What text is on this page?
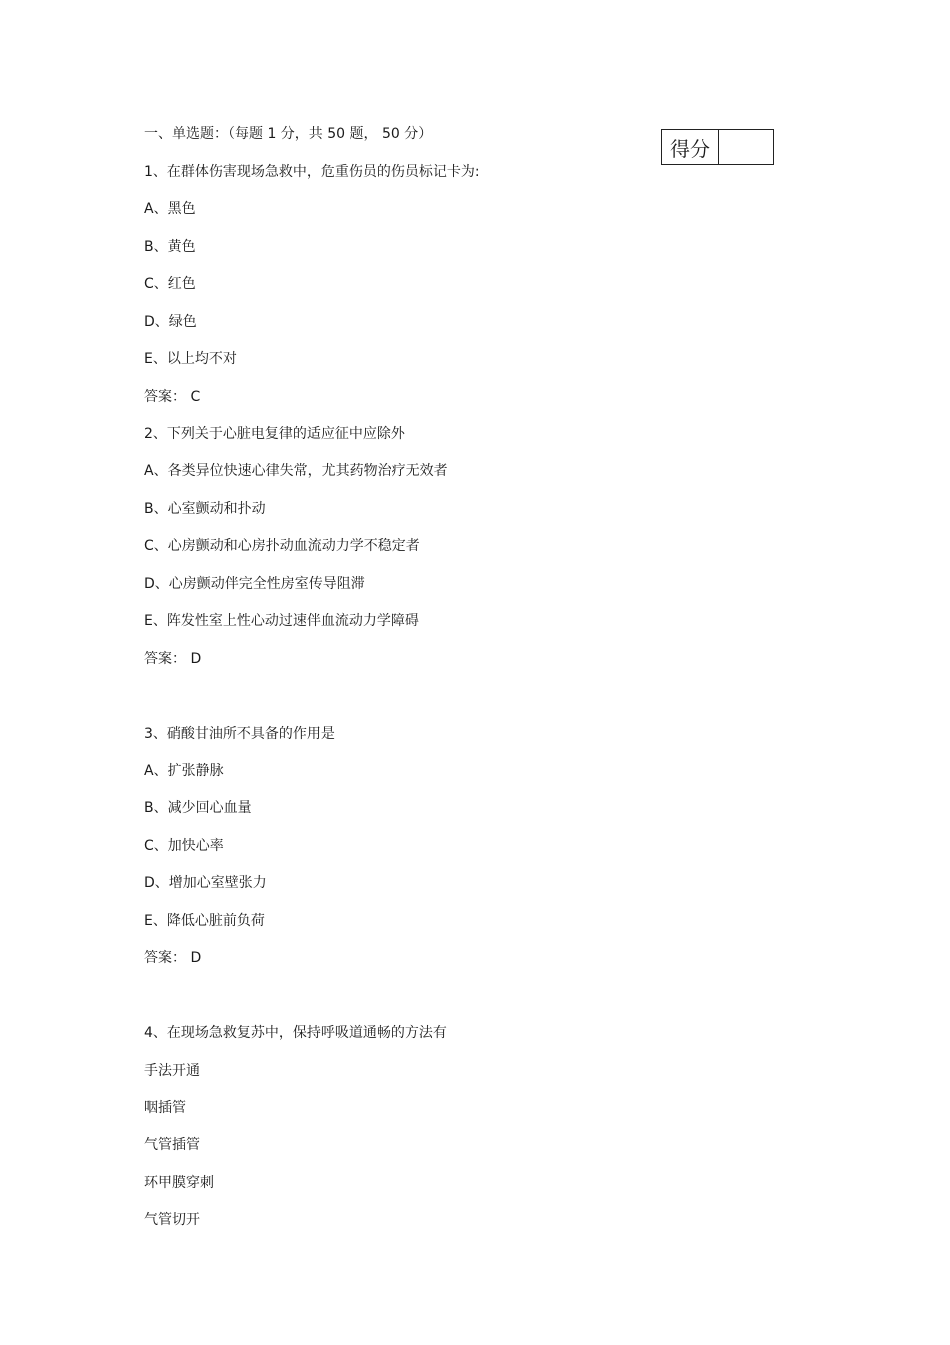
一、单选题：（每题 1 分，共 50 题， 50 分）
得分
1、在群体伤害现场急救中，危重伤员的伤员标记卡为:
A、黑色
B、黄色
C、红色
D、绿色
E、以上均不对
答案： C
2、下列关于心脏电复律的适应征中应除外
A、各类异位快速心律失常，尤其药物治疗无效者
B、心室颤动和扑动
C、心房颤动和心房扑动血流动力学不稳定者
D、心房颤动伴完全性房室传导阻滞
E、阵发性室上性心动过速伴血流动力学障碍
答案： D
3、硝酸甘油所不具备的作用是
A、扩张静脉
B、减少回心血量
C、加快心率
D、增加心室壁张力
E、降低心脏前负荷
答案： D
4、在现场急救复苏中，保持呼吸道通畅的方法有
手法开通
咽插管
气管插管
环甲膜穿刺
气管切开
